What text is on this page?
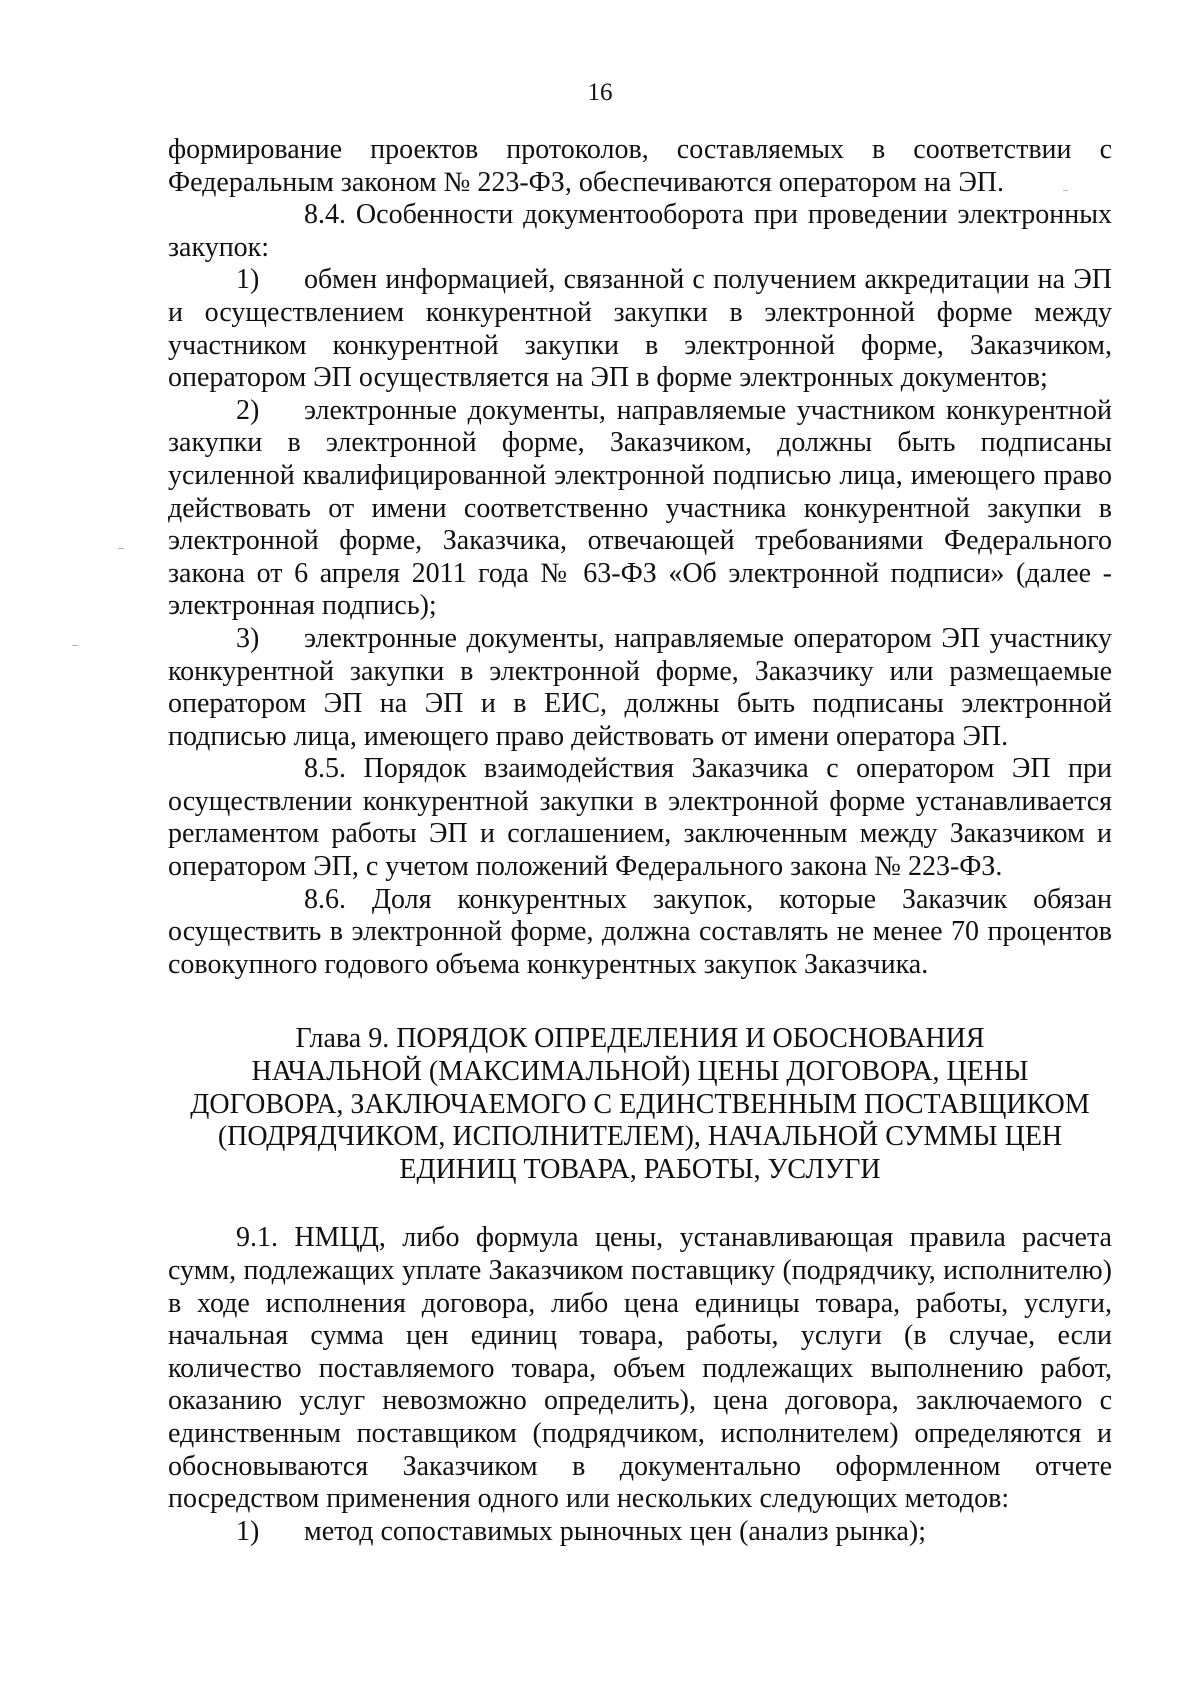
16

формирование проектов протоколов, составляемых в соответствии с Федеральным законом № 223-ФЗ, обеспечиваются оператором на ЭП.

8.4. Особенности документооборота при проведении электронных закупок:

1) обмен информацией, связанной с получением аккредитации на ЭП и осуществлением конкурентной закупки в электронной форме между участником конкурентной закупки в электронной форме, Заказчиком, оператором ЭП осуществляется на ЭП в форме электронных документов;

2) электронные документы, направляемые участником конкурентной закупки в электронной форме, Заказчиком, должны быть подписаны усиленной квалифицированной электронной подписью лица, имеющего право действовать от имени соответственно участника конкурентной закупки в электронной форме, Заказчика, отвечающей требованиями Федерального закона от 6 апреля 2011 года № 63-ФЗ «Об электронной подписи» (далее - электронная подпись);

3) электронные документы, направляемые оператором ЭП участнику конкурентной закупки в электронной форме, Заказчику или размещаемые оператором ЭП на ЭП и в ЕИС, должны быть подписаны электронной подписью лица, имеющего право действовать от имени оператора ЭП.

8.5. Порядок взаимодействия Заказчика с оператором ЭП при осуществлении конкурентной закупки в электронной форме устанавливается регламентом работы ЭП и соглашением, заключенным между Заказчиком и оператором ЭП, с учетом положений Федерального закона № 223-ФЗ.

8.6. Доля конкурентных закупок, которые Заказчик обязан осуществить в электронной форме, должна составлять не менее 70 процентов совокупного годового объема конкурентных закупок Заказчика.

Глава 9. ПОРЯДОК ОПРЕДЕЛЕНИЯ И ОБОСНОВАНИЯ
НАЧАЛЬНОЙ (МАКСИМАЛЬНОЙ) ЦЕНЫ ДОГОВОРА, ЦЕНЫ
ДОГОВОРА, ЗАКЛЮЧАЕМОГО С ЕДИНСТВЕННЫМ ПОСТАВЩИКОМ
(ПОДРЯДЧИКОМ, ИСПОЛНИТЕЛЕМ), НАЧАЛЬНОЙ СУММЫ ЦЕН
ЕДИНИЦ ТОВАРА, РАБОТЫ, УСЛУГИ

9.1. НМЦД, либо формула цены, устанавливающая правила расчета сумм, подлежащих уплате Заказчиком поставщику (подрядчику, исполнителю) в ходе исполнения договора, либо цена единицы товара, работы, услуги, начальная сумма цен единиц товара, работы, услуги (в случае, если количество поставляемого товара, объем подлежащих выполнению работ, оказанию услуг невозможно определить), цена договора, заключаемого с единственным поставщиком (подрядчиком, исполнителем) определяются и обосновываются Заказчиком в документально оформленном отчете посредством применения одного или нескольких следующих методов:

1) метод сопоставимых рыночных цен (анализ рынка);
